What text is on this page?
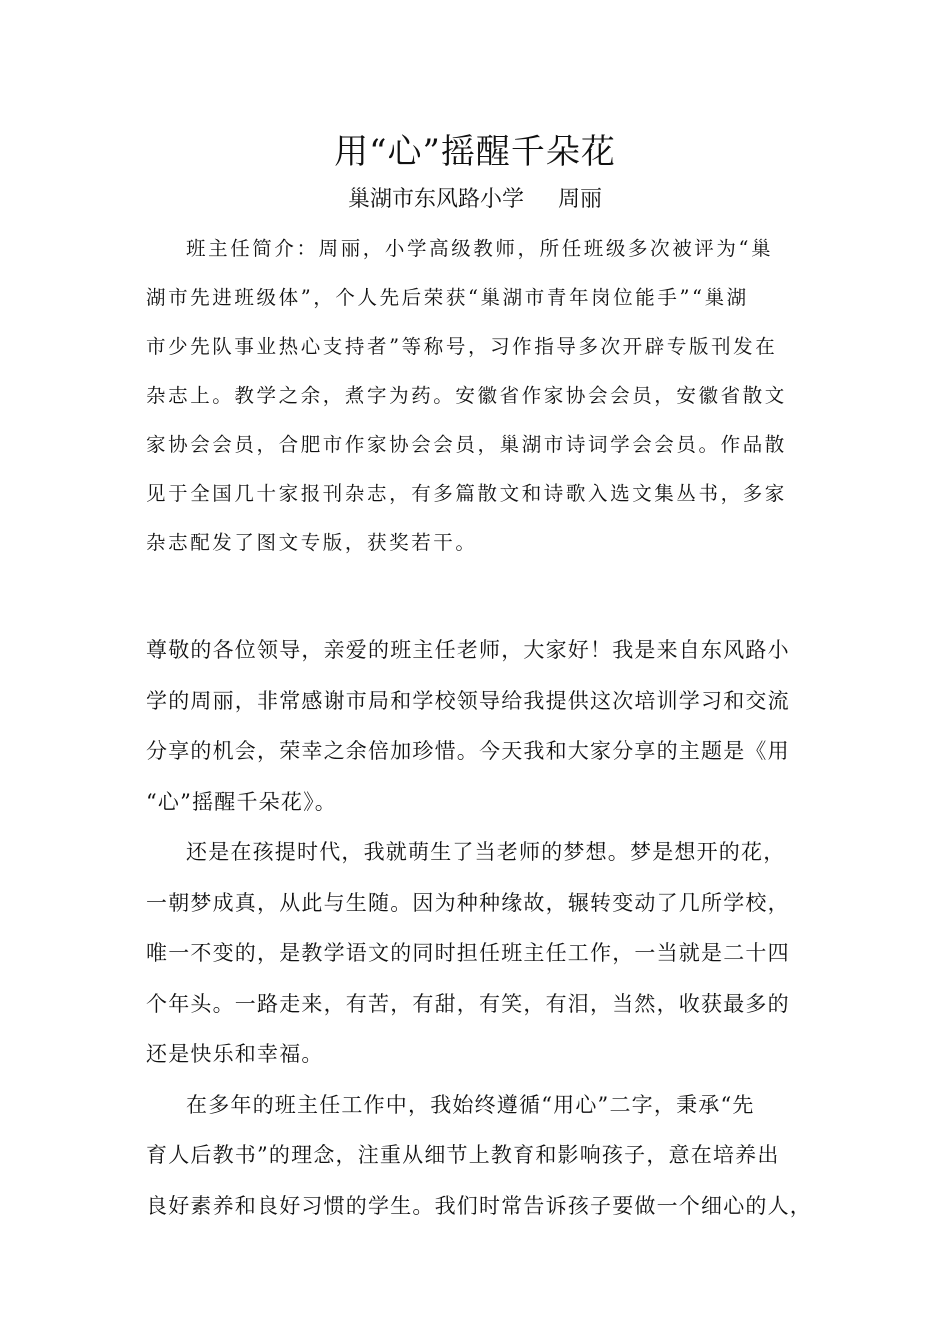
用“心”摇醒千朵花
巢湖市东风路小学 周丽
班主任简介：周丽，小学高级教师，所任班级多次被评为“巢
湖市先进班级体”，个人先后荣获“巢湖市青年岗位能手”“巢湖
市少先队事业热心支持者”等称号，习作指导多次开辟专版刊发在
杂志上。教学之余，煮字为药。安徽省作家协会会员，安徽省散文
家协会会员，合肥市作家协会会员，巢湖市诗词学会会员。作品散
见于全国几十家报刊杂志，有多篇散文和诗歌入选文集丛书，多家
杂志配发了图文专版，获奖若干。
尊敬的各位领导，亲爱的班主任老师，大家好！我是来自东风路小
学的周丽，非常感谢市局和学校领导给我提供这次培训学习和交流
分享的机会，荣幸之余倍加珍惜。今天我和大家分享的主题是《用
“心”摇醒千朵花》。
还是在孩提时代，我就萌生了当老师的梦想。梦是想开的花，
一朝梦成真，从此与生随。因为种种缘故，辗转变动了几所学校，
唯一不变的，是教学语文的同时担任班主任工作，一当就是二十四
个年头。一路走来，有苦，有甜，有笑，有泪，当然，收获最多的
还是快乐和幸福。
在多年的班主任工作中，我始终遵循“用心”二字，秉承“先
育人后教书”的理念，注重从细节上教育和影响孩子，意在培养出
良好素养和良好习惯的学生。我们时常告诉孩子要做一个细心的人，
